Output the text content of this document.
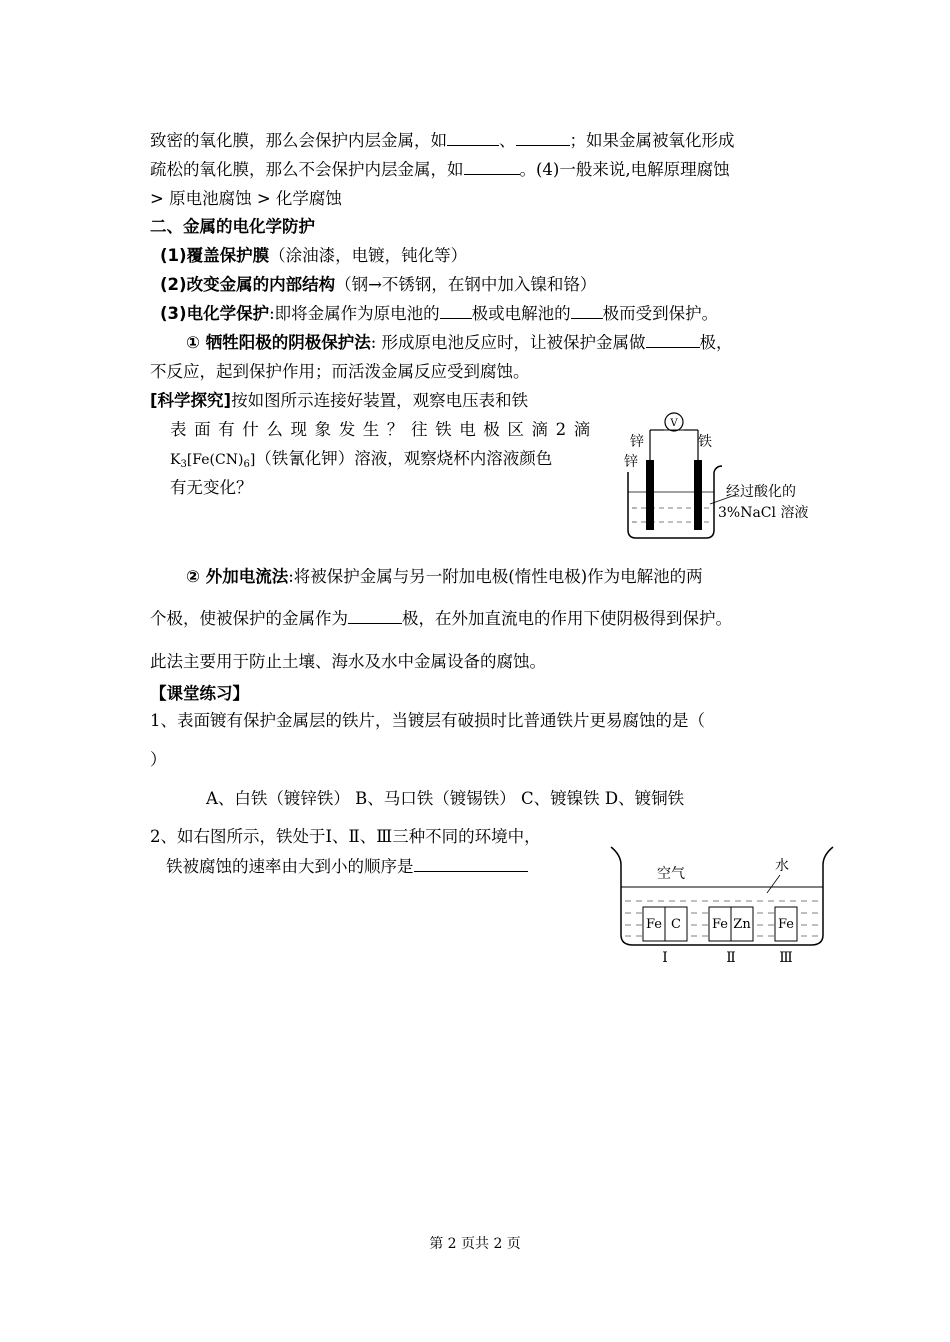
致密的氧化膜，那么会保护内层金属，如	、	；如果金属被氧化形成
疏松的氧化膜，那么不会保护内层金属，如	。(4)一般来说,电解原理腐蚀
> 原电池腐蚀 > 化学腐蚀
二、金属的电化学防护
(1)覆盖保护膜（涂油漆，电镀，钝化等）
(2)改变金属的内部结构（钢→不锈钢，在钢中加入镍和铬）
(3)电化学保护:即将金属作为原电池的 极或电解池的 极而受到保护。
① 牺牲阳极的阴极保护法: 形成原电池反应时，让被保护金属做	极，
不反应，起到保护作用；而活泼金属反应受到腐蚀。
[科学探究]按如图所示连接好装置，观察电压表和铁
表面有什么现象发生？往铁电极区滴2滴
$K_3[Fe(CN)_6]$（铁氰化钾）溶液，观察烧杯内溶液颜色
有无变化？
V
锌
锌
铁
经过酸化的
3%NaCl 溶液
② 外加电流法:将被保护金属与另一附加电极(惰性电极)作为电解池的两
个极，使被保护的金属作为	极，在外加直流电的作用下使阴极得到保护。
此法主要用于防止土壤、海水及水中金属设备的腐蚀。
【课堂练习】
1、表面镀有保护金属层的铁片，当镀层有破损时比普通铁片更易腐蚀的是（
）
A、白铁（镀锌铁） B、马口铁（镀锡铁） C、镀镍铁 D、镀铜铁
2、如右图所示，铁处于Ⅰ、Ⅱ、Ⅲ三种不同的环境中，
铁被腐蚀的速率由大到小的顺序是	空气	水
Fe C Fe Zn Fe
Ⅰ	Ⅱ	Ⅲ
第 2 页共 2 页
